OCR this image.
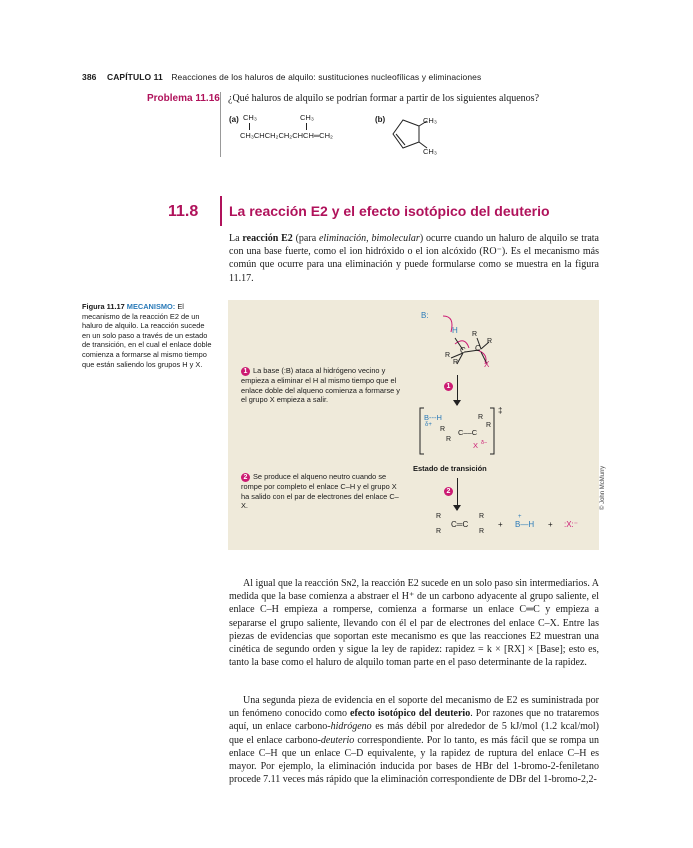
386 CAPÍTULO 11 Reacciones de los haluros de alquilo: sustituciones nucleofílicas y eliminaciones
Problema 11.16 ¿Qué haluros de alquilo se podrían formar a partir de los siguientes alquenos?
(a) CH₃	CH₃
CH₃CHCH₂CH₂CHCH═CH₂
(b)	CH₃
CH₃
11.8 La reacción E2 y el efecto isotópico del deuterio
La reacción E2 (para eliminación, bimolecular) ocurre cuando un haluro de alquilo se trata con una base fuerte, como el ion hidróxido o el ion alcóxido (RO⁻). Es el mecanismo más común que ocurre para una eliminación y puede formularse como se muestra en la figura 11.17.
Figura 11.17 MECANISMO: El mecanismo de la reacción E2 de un haluro de alquilo. La reacción sucede en un solo paso a través de un estado de transición, en el cual el enlace doble comienza a formarse al mismo tiempo que están saliendo los grupos H y X.
1 La base (:B) ataca al hidrógeno vecino y empieza a eliminar el H al mismo tiempo que el enlace doble del alqueno comienza a formarse y el grupo X empieza a salir.
2 Se produce el alqueno neutro cuando se rompe por completo el enlace C–H y el grupo X ha salido con el par de electrones del enlace C–X.
B:
H
C C
R
R
R
R	X
1
‡
B---H
δ+
C‒‒C
X δ−
R
R
R
R
Estado de transición
2
C═C
R
R
R
R
+
+
B—H + :X:⁻
© John McMurry
Al igual que la reacción Sɴ2, la reacción E2 sucede en un solo paso sin intermediarios. A medida que la base comienza a abstraer el H⁺ de un carbono adyacente al grupo saliente, el enlace C–H empieza a romperse, comienza a formarse un enlace C═C y empieza a separarse el grupo saliente, llevando con él el par de electrones del enlace C–X. Entre las piezas de evidencias que soportan este mecanismo es que las reacciones E2 muestran una cinética de segundo orden y sigue la ley de rapidez: rapidez = k × [RX] × [Base]; esto es, tanto la base como el haluro de alquilo toman parte en el paso determinante de la rapidez.
Una segunda pieza de evidencia en el soporte del mecanismo de E2 es suministrada por un fenómeno conocido como efecto isotópico del deuterio. Por razones que no trataremos aquí, un enlace carbono-hidrógeno es más débil por alrededor de 5 kJ/mol (1.2 kcal/mol) que el enlace carbono-deuterio correspondiente. Por lo tanto, es más fácil que se rompa un enlace C–H que un enlace C–D equivalente, y la rapidez de ruptura del enlace C–H es mayor. Por ejemplo, la eliminación inducida por bases de HBr del 1-bromo-2-feniletano procede 7.11 veces más rápido que la eliminación correspondiente de DBr del 1-bromo-2,2-
